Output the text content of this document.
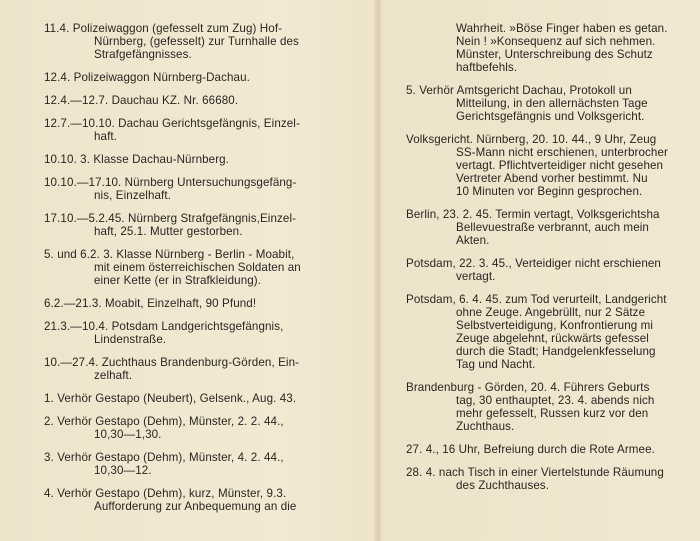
11.4. Polizeiwaggon (gefesselt zum Zug) Hof-
Nürnberg, (gefesselt) zur Turnhalle des
Strafgefängnisses.
12.4. Polizeiwaggon Nürnberg-Dachau.
12.4.—12.7. Dauchau KZ. Nr. 66680.
12.7.—10.10. Dachau Gerichtsgefängnis, Einzel-
haft.
10.10. 3. Klasse Dachau-Nürnberg.
10.10.—17.10. Nürnberg Untersuchungsgefäng-
nis, Einzelhaft.
17.10.—5.2.45. Nürnberg Strafgefängnis,Einzel-
haft, 25.1. Mutter gestorben.
5. und 6.2. 3. Klasse Nürnberg - Berlin - Moabit,
mit einem österreichischen Soldaten an
einer Kette (er in Strafkleidung).
6.2.—21.3. Moabit, Einzelhaft, 90 Pfund!
21.3.—10.4. Potsdam Landgerichtsgefängnis,
Lindenstraße.
10.—27.4. Zuchthaus Brandenburg-Görden, Ein-
zelhaft.
1. Verhör Gestapo (Neubert), Gelsenk., Aug. 43.
2. Verhör Gestapo (Dehm), Münster, 2. 2. 44.,
10,30—1,30.
3. Verhör Gestapo (Dehm), Münster, 4. 2. 44.,
10,30—12.
4. Verhör Gestapo (Dehm), kurz, Münster, 9.3.
Aufforderung zur Anbequemung an die
Wahrheit. »Böse Finger haben es getan.
Nein ! »Konsequenz auf sich nehmen.
Münster, Unterschreibung des Schutz
haftbefehls.
5. Verhör Amtsgericht Dachau, Protokoll un
Mitteilung, in den allernächsten Tage
Gerichtsgefängnis und Volksgericht.
Volksgericht. Nürnberg, 20. 10. 44., 9 Uhr, Zeug
SS-Mann nicht erschienen, unterbrocher
vertagt. Pflichtverteidiger nicht gesehen
Vertreter Abend vorher bestimmt. Nu
10 Minuten vor Beginn gesprochen.
Berlin, 23. 2. 45. Termin vertagt, Volksgerichtsha
Bellevuestraße verbrannt, auch mein
Akten.
Potsdam, 22. 3. 45., Verteidiger nicht erschienen
vertagt.
Potsdam, 6. 4. 45. zum Tod verurteilt, Landgericht
ohne Zeuge. Angebrüllt, nur 2 Sätze
Selbstverteidigung, Konfrontierung mi
Zeuge abgelehnt, rückwärts gefessel
durch die Stadt; Handgelenkfesselung
Tag und Nacht.
Brandenburg - Görden, 20. 4. Führers Geburts
tag, 30 enthauptet, 23. 4. abends nich
mehr gefesselt, Russen kurz vor den
Zuchthaus.
27. 4., 16 Uhr, Befreiung durch die Rote Armee.
28. 4. nach Tisch in einer Viertelstunde Räumung
des Zuchthauses.
